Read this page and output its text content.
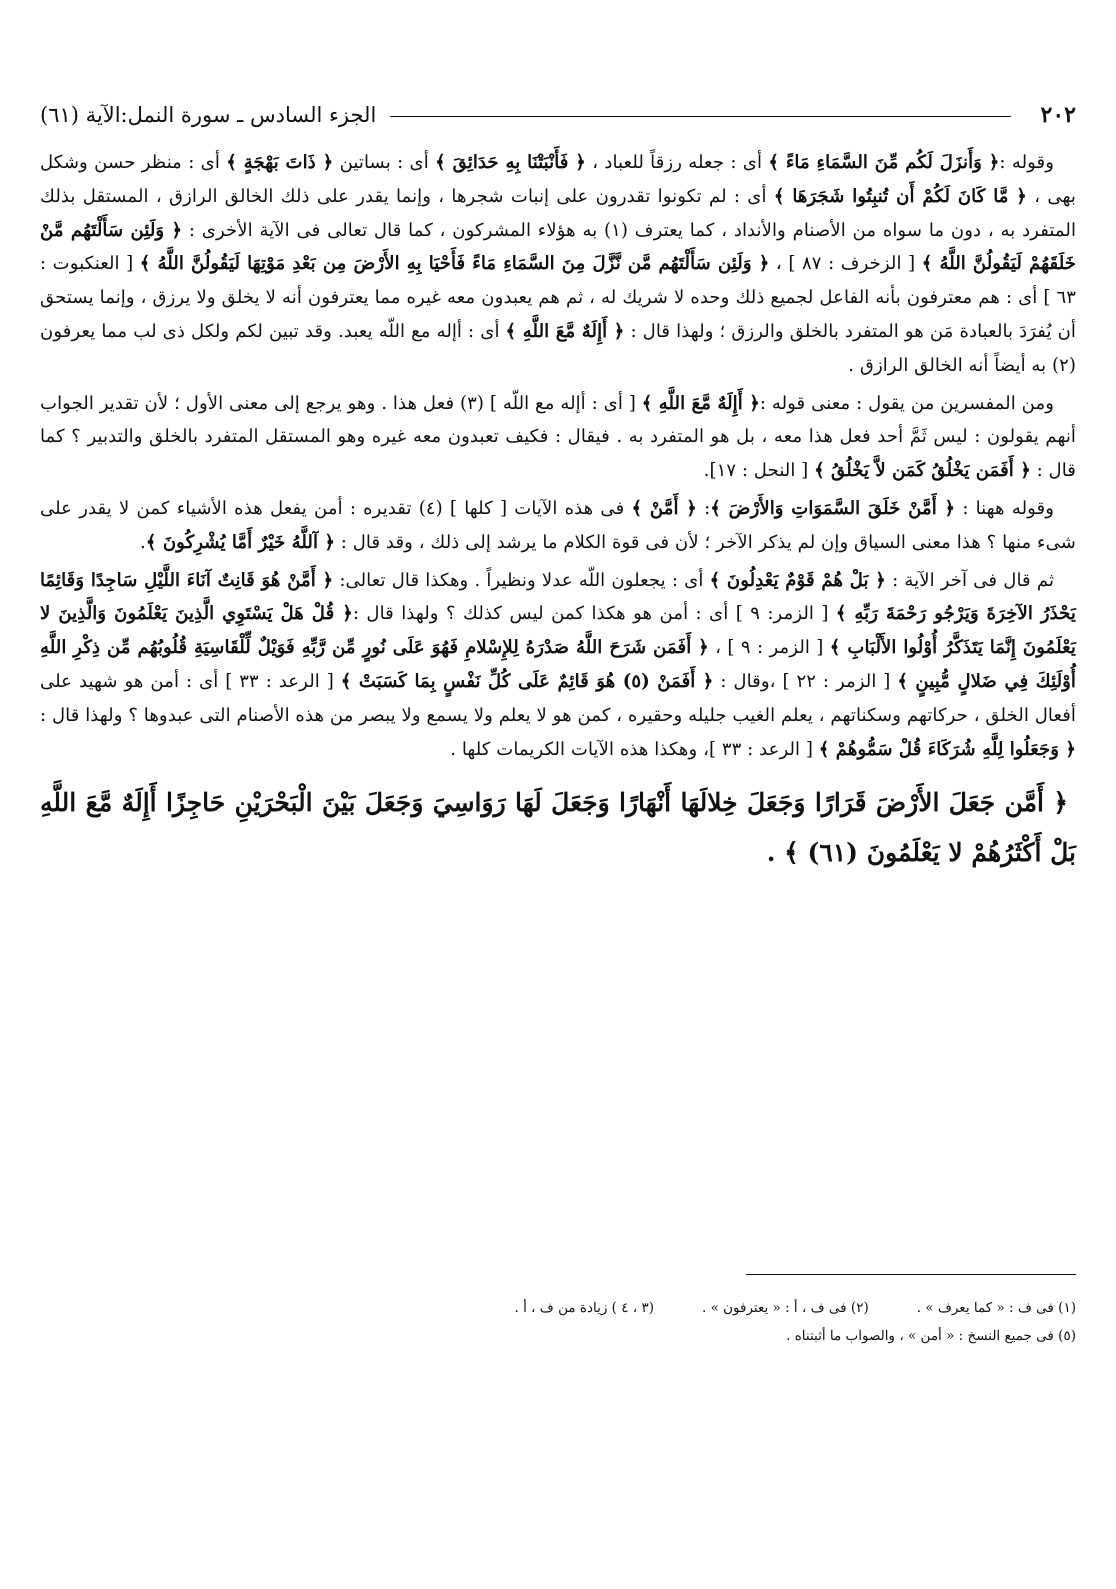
٢٠٢
الجزء السادس ـ سورة النمل:الآية (٦١)

وقوله :﴿ وَأَنزَلَ لَكُم مِّنَ السَّمَاءِ مَاءً ﴾ أى : جعله رزقاً للعباد ، ﴿ فَأَنْبَتْنَا بِهِ حَدَائِقَ ﴾ أى : بساتين ﴿ ذَاتَ بَهْجَةٍ ﴾ أى : منظر حسن وشكل بهى ، ﴿ مَّا كَانَ لَكُمْ أَن تُنبِتُوا شَجَرَهَا ﴾ أى : لم تكونوا تقدرون على إنبات شجرها ، وإنما يقدر على ذلك الخالق الرازق ، المستقل بذلك المتفرد به ، دون ما سواه من الأصنام والأنداد ، كما يعترف (١) به هؤلاء المشركون ، كما قال تعالى فى الآية الأخرى : ﴿ وَلَئِن سَأَلْتَهُم مَّنْ خَلَقَهُمْ لَيَقُولُنَّ اللَّهُ ﴾ [ الزخرف : ٨٧ ] ، ﴿ وَلَئِن سَأَلْتَهُم مَّن نَّزَّلَ مِنَ السَّمَاءِ مَاءً فَأَحْيَا بِهِ الأَرْضَ مِن بَعْدِ مَوْتِهَا لَيَقُولُنَّ اللَّهُ ﴾ [ العنكبوت : ٦٣ ] أى : هم معترفون بأنه الفاعل لجميع ذلك وحده لا شريك له ، ثم هم يعبدون معه غيره مما يعترفون أنه لا يخلق ولا يرزق ، وإنما يستحق أن يُفرَدَ بالعبادة مَن هو المتفرد بالخلق والرزق ؛ ولهذا قال : ﴿ أَإِلَهٌ مَّعَ اللَّهِ ﴾ أى : أإله مع اللّه يعبد. وقد تبين لكم ولكل ذى لب مما يعرفون (٢) به أيضاً أنه الخالق الرازق .

ومن المفسرين من يقول : معنى قوله :﴿ أَإِلَهٌ مَّعَ اللَّهِ ﴾ [ أى : أإله مع اللّه ] (٣) فعل هذا . وهو يرجع إلى معنى الأول ؛ لأن تقدير الجواب أنهم يقولون : ليس ثَمَّ أحد فعل هذا معه ، بل هو المتفرد به . فيقال : فكيف تعبدون معه غيره وهو المستقل المتفرد بالخلق والتدبير ؟ كما قال : ﴿ أَفَمَن يَخْلُقُ كَمَن لاَّ يَخْلُقُ ﴾ [ النحل : ١٧].

وقوله ههنا : ﴿ أَمَّنْ خَلَقَ السَّمَوَاتِ وَالأَرْضَ ﴾: ﴿ أَمَّنْ ﴾ فى هذه الآيات [ كلها ] (٤) تقديره : أمن يفعل هذه الأشياء كمن لا يقدر على شىء منها ؟ هذا معنى السياق وإن لم يذكر الآخر ؛ لأن فى قوة الكلام ما يرشد إلى ذلك ، وقد قال : ﴿ آللَّهُ خَيْرٌ أَمَّا يُشْرِكُونَ ﴾.

ثم قال فى آخر الآية : ﴿ بَلْ هُمْ قَوْمٌ يَعْدِلُونَ ﴾ أى : يجعلون اللّه عدلا ونظيراً . وهكذا قال تعالى: ﴿ أَمَّنْ هُوَ قَانِتٌ آنَاءَ اللَّيْلِ سَاجِدًا وَقَائِمًا يَحْذَرُ الآخِرَةَ وَيَرْجُو رَحْمَةَ رَبِّهِ ﴾ [ الزمر: ٩ ] أى : أمن هو هكذا كمن ليس كذلك ؟ ولهذا قال :﴿ قُلْ هَلْ يَسْتَوِي الَّذِينَ يَعْلَمُونَ وَالَّذِينَ لا يَعْلَمُونَ إِنَّمَا يَتَذَكَّرُ أُوْلُوا الأَلْبَابِ ﴾ [ الزمر : ٩ ] ، ﴿ أَفَمَن شَرَحَ اللَّهُ صَدْرَهُ لِلإِسْلامِ فَهُوَ عَلَى نُورٍ مِّن رَّبِّهِ فَوَيْلٌ لِّلْقَاسِيَةِ قُلُوبُهُم مِّن ذِكْرِ اللَّهِ أُوْلَئِكَ فِي ضَلالٍ مُّبِينٍ ﴾ [ الزمر : ٢٢ ] ،وقال : ﴿ أَفَمَنْ (٥) هُوَ قَائِمٌ عَلَى كُلِّ نَفْسٍ بِمَا كَسَبَتْ ﴾ [ الرعد : ٣٣ ] أى : أمن هو شهيد على أفعال الخلق ، حركاتهم وسكناتهم ، يعلم الغيب جليله وحقيره ، كمن هو لا يعلم ولا يسمع ولا يبصر من هذه الأصنام التى عبدوها ؟ ولهذا قال : ﴿ وَجَعَلُوا لِلَّهِ شُرَكَاءَ قُلْ سَمُّوهُمْ ﴾ [ الرعد : ٣٣ ]، وهكذا هذه الآيات الكريمات كلها .

﴿ أَمَّن جَعَلَ الأَرْضَ قَرَارًا وَجَعَلَ خِلالَهَا أَنْهَارًا وَجَعَلَ لَهَا رَوَاسِيَ وَجَعَلَ بَيْنَ الْبَحْرَيْنِ حَاجِزًا أَإِلَهٌ مَّعَ اللَّهِ بَلْ أَكْثَرُهُمْ لا يَعْلَمُونَ (٦١) ﴾ .
(١) فى ف : « كما يعرف » .
(٢) فى ف ، أ : « يعترفون » .
(٣ ، ٤ ) زيادة من ف ، أ .
(٥) فى جميع النسخ : « أمن » ، والصواب ما أثبتناه .
